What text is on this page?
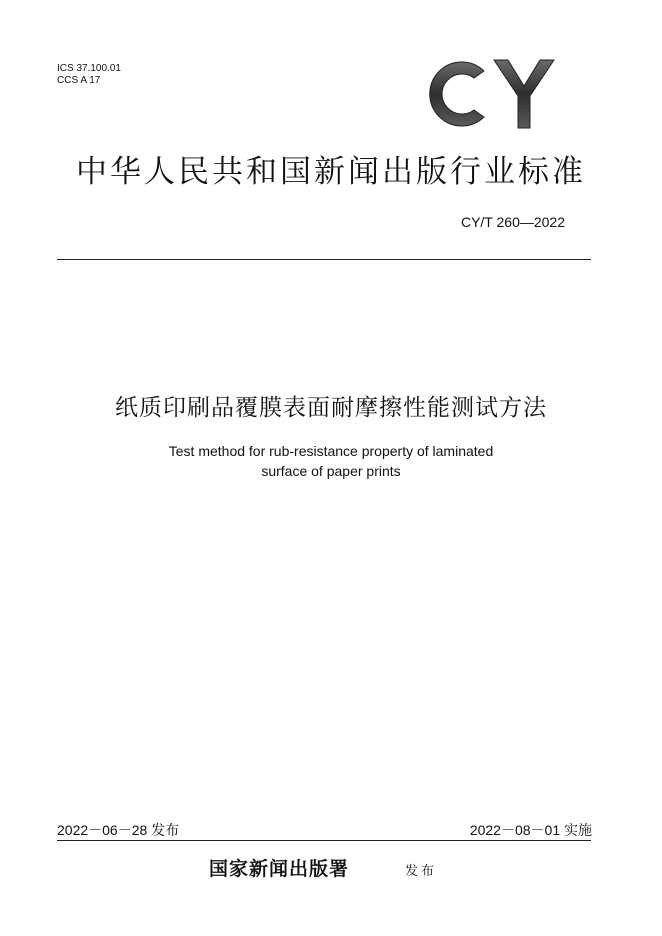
ICS 37.100.01
CCS A 17
中华人民共和国新闻出版行业标准
CY/T 260—2022
纸质印刷品覆膜表面耐摩擦性能测试方法
Test method for rub-resistance property of laminated
surface of paper prints
2022－06－28 发布	2022－08－01 实施
国家新闻出版署	发布
